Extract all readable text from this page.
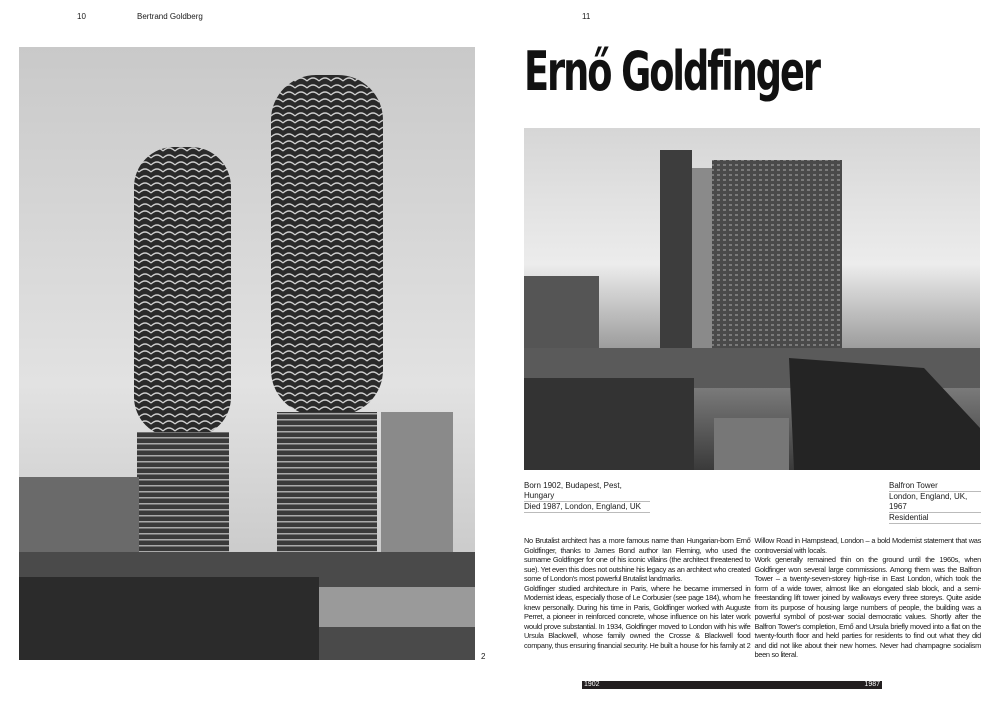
10	Bertrand Goldberg	11
2
Ernő Goldfinger
Born 1902, Budapest, Pest, Hungary
Died 1987, London, England, UK
Balfron Tower
London, England, UK, 1967
Residential

No Brutalist architect has a more famous name than Hungarian-born Ernő Goldfinger, thanks to James Bond author Ian Fleming, who used the surname Goldfinger for one of his iconic villains (the architect threatened to sue). Yet even this does not outshine his legacy as an architect who created some of London's most powerful Brutalist landmarks.

Goldfinger studied architecture in Paris, where he became immersed in Modernist ideas, especially those of Le Corbusier (see page 184), whom he knew personally. During his time in Paris, Goldfinger worked with Auguste Perret, a pioneer in reinforced concrete, whose influence on his later work would prove substantial. In 1934, Goldfinger moved to London with his wife Ursula Blackwell, whose family owned the Crosse & Blackwell food company, thus ensuring financial security. He built a house for his family at 2 Willow Road in Hampstead, London – a bold Modernist statement that was controversial with locals.

Work generally remained thin on the ground until the 1960s, when Goldfinger won several large commissions. Among them was the Balfron Tower – a twenty-seven-storey high-rise in East London, which took the form of a wide tower, almost like an elongated slab block, and a semi-freestanding lift tower joined by walkways every three storeys. Quite aside from its purpose of housing large numbers of people, the building was a powerful symbol of post-war social democratic values. Shortly after the Balfron Tower's completion, Ernő and Ursula briefly moved into a flat on the twenty-fourth floor and held parties for residents to find out what they did and did not like about their new homes. Never had champagne socialism been so literal.

1902	1987
